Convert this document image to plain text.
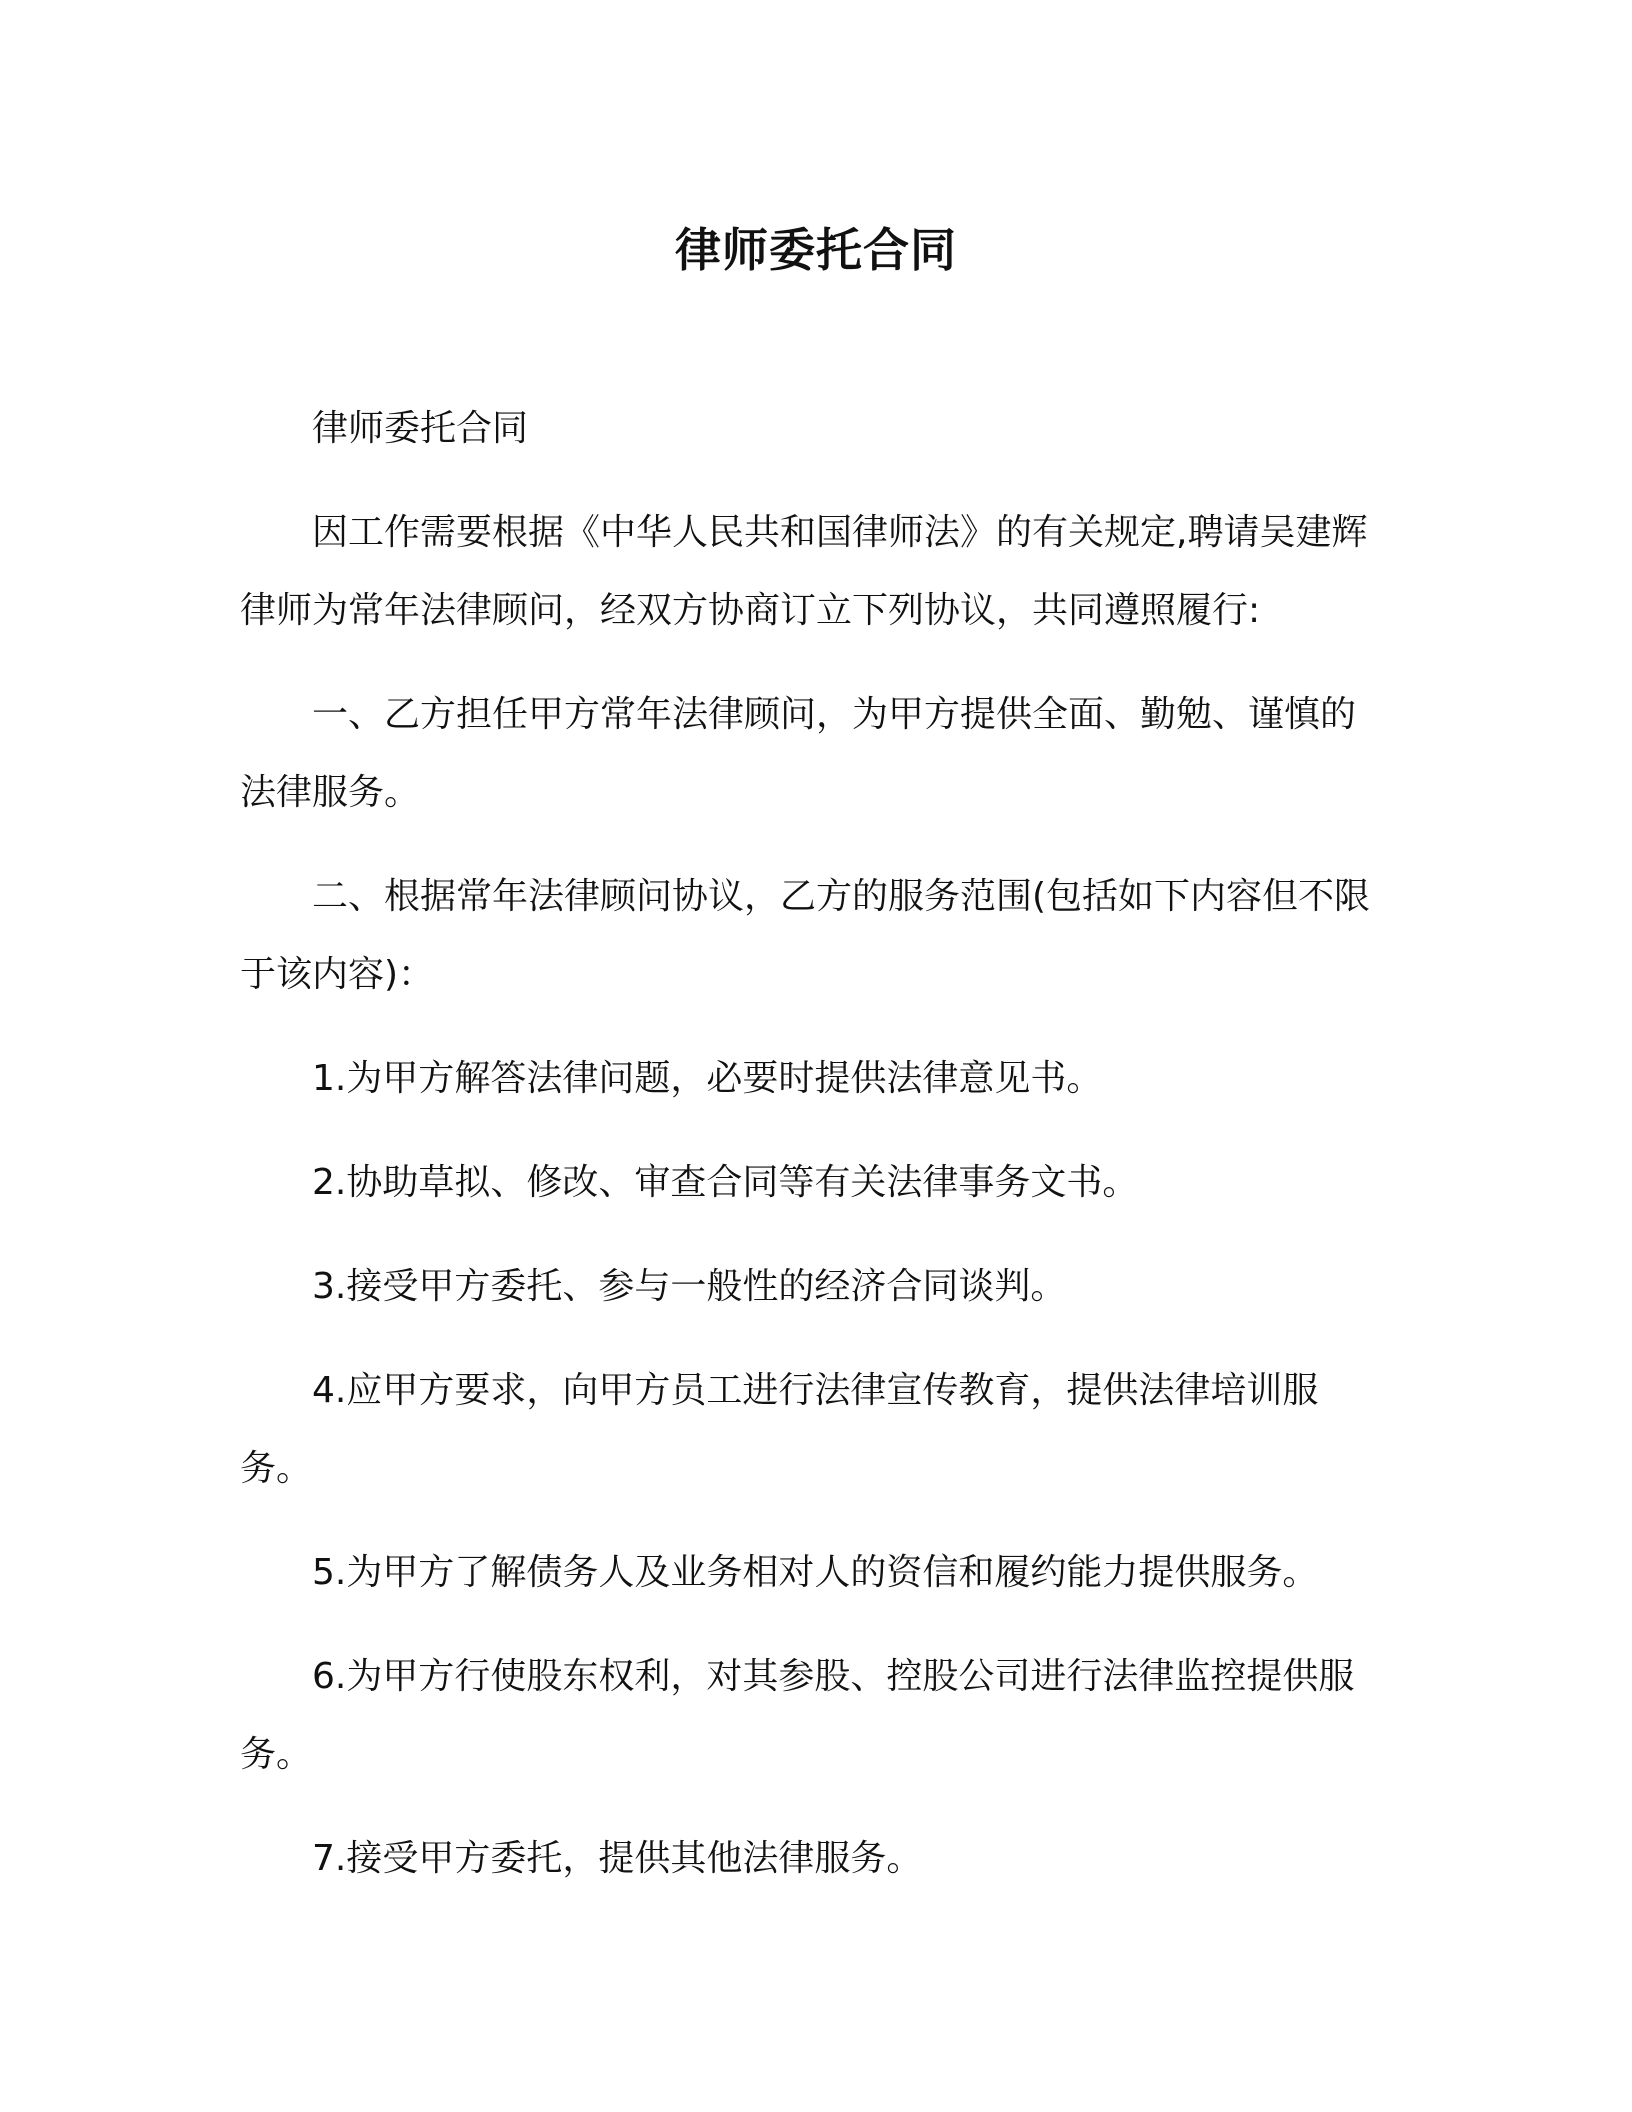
律师委托合同

律师委托合同

因工作需要根据《中华人民共和国律师法》的有关规定,聘请吴建辉律师为常年法律顾问，经双方协商订立下列协议，共同遵照履行:

一、乙方担任甲方常年法律顾问，为甲方提供全面、勤勉、谨慎的法律服务。

二、根据常年法律顾问协议，乙方的服务范围(包括如下内容但不限于该内容)：

1.为甲方解答法律问题，必要时提供法律意见书。

2.协助草拟、修改、审查合同等有关法律事务文书。

3.接受甲方委托、参与一般性的经济合同谈判。

4.应甲方要求，向甲方员工进行法律宣传教育，提供法律培训服务。

5.为甲方了解债务人及业务相对人的资信和履约能力提供服务。

6.为甲方行使股东权利，对其参股、控股公司进行法律监控提供服务。

7.接受甲方委托，提供其他法律服务。
